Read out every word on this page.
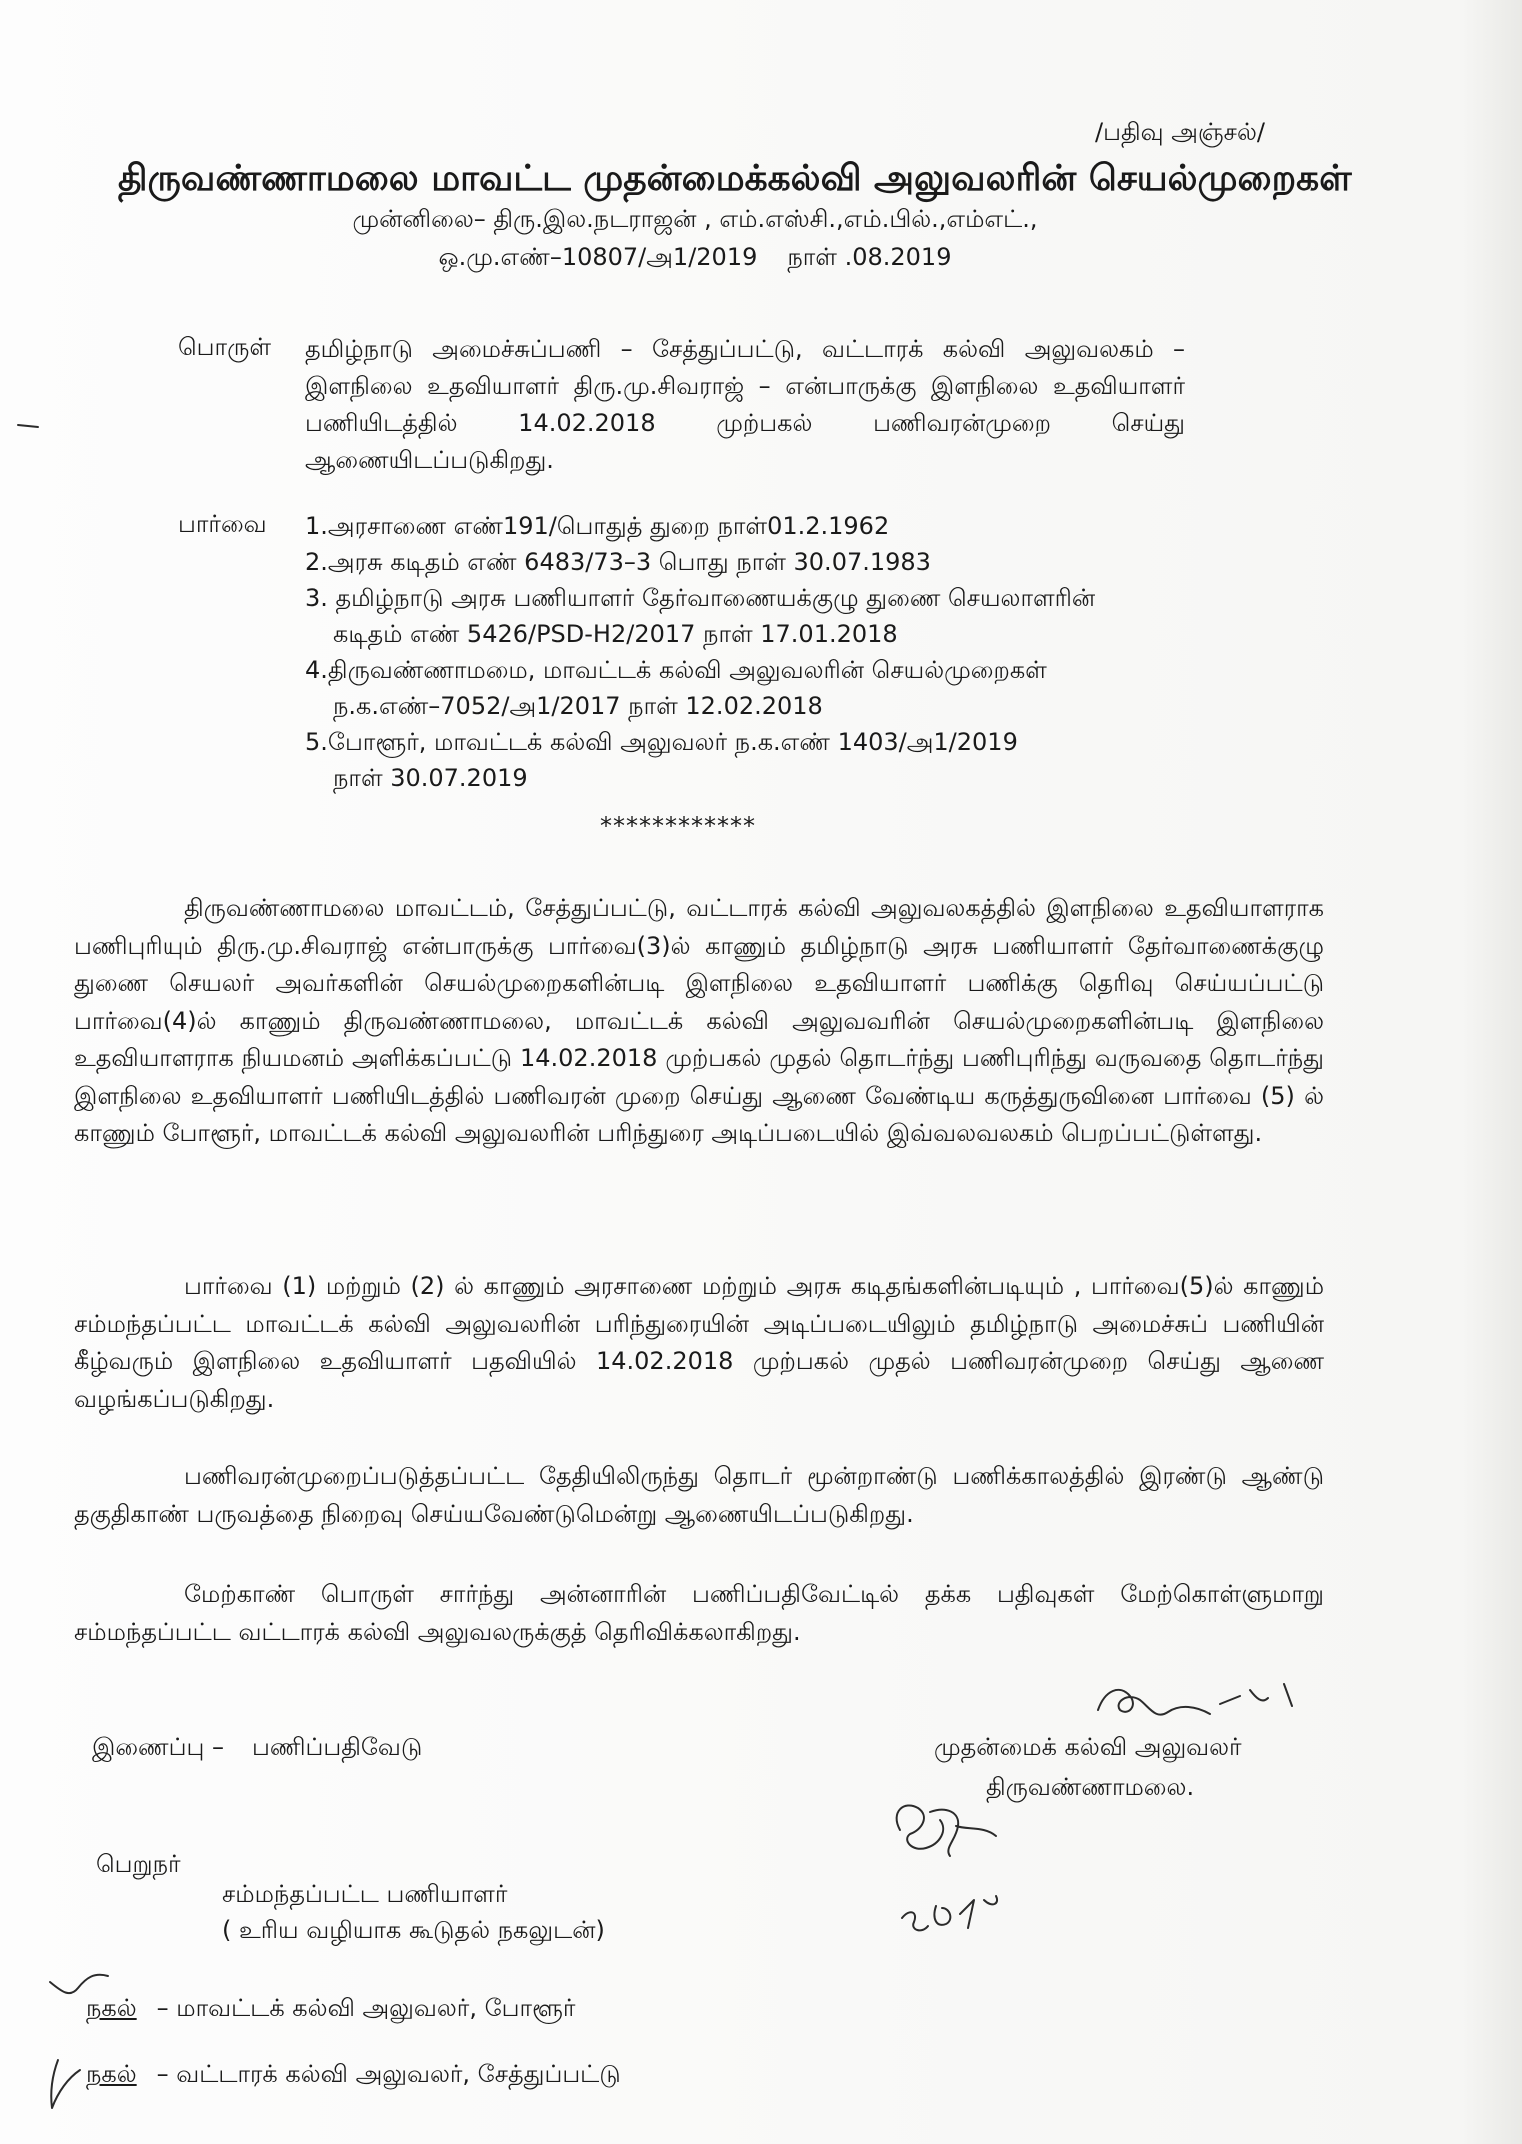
/பதிவு அஞ்சல்/
திருவண்ணாமலை மாவட்ட முதன்மைக்கல்வி அலுவலரின் செயல்முறைகள்
முன்னிலை– திரு.இல.நடராஜன் , எம்.எஸ்சி.,எம்.பில்.,எம்எட்.,
ஒ.மு.எண்–10807/அ1/2019 நாள் .08.2019
பொருள் தமிழ்நாடு அமைச்சுப்பணி – சேத்துப்பட்டு, வட்டாரக் கல்வி அலுவலகம் – இளநிலை உதவியாளர் திரு.மு.சிவராஜ் – என்பாருக்கு இளநிலை உதவியாளர் பணியிடத்தில் 14.02.2018 முற்பகல் பணிவரன்முறை செய்து ஆணையிடப்படுகிறது.
பார்வை 1.அரசாணை எண்191/பொதுத் துறை நாள்01.2.1962
2.அரசு கடிதம் எண் 6483/73–3 பொது நாள் 30.07.1983
3. தமிழ்நாடு அரசு பணியாளர் தேர்வாணையக்குழு துணை செயலாளரின்
கடிதம் எண் 5426/PSD-H2/2017 நாள் 17.01.2018
4.திருவண்ணாமமை, மாவட்டக் கல்வி அலுவலரின் செயல்முறைகள்
ந.க.எண்–7052/அ1/2017 நாள் 12.02.2018
5.போளூர், மாவட்டக் கல்வி அலுவலர் ந.க.எண் 1403/அ1/2019
நாள் 30.07.2019
************
திருவண்ணாமலை மாவட்டம், சேத்துப்பட்டு, வட்டாரக் கல்வி அலுவலகத்தில் இளநிலை உதவியாளராக பணிபுரியும் திரு.மு.சிவராஜ் என்பாருக்கு பார்வை(3)ல் காணும் தமிழ்நாடு அரசு பணியாளர் தேர்வாணைக்குழு துணை செயலர் அவர்களின் செயல்முறைகளின்படி இளநிலை உதவியாளர் பணிக்கு தெரிவு செய்யப்பட்டு பார்வை(4)ல் காணும் திருவண்ணாமலை, மாவட்டக் கல்வி அலுவவரின் செயல்முறைகளின்படி இளநிலை உதவியாளராக நியமனம் அளிக்கப்பட்டு 14.02.2018 முற்பகல் முதல் தொடர்ந்து பணிபுரிந்து வருவதை தொடர்ந்து இளநிலை உதவியாளர் பணியிடத்தில் பணிவரன் முறை செய்து ஆணை வேண்டிய கருத்துருவினை பார்வை (5) ல் காணும் போளூர், மாவட்டக் கல்வி அலுவலரின் பரிந்துரை அடிப்படையில் இவ்வலவலகம் பெறப்பட்டுள்ளது.
பார்வை (1) மற்றும் (2) ல் காணும் அரசாணை மற்றும் அரசு கடிதங்களின்படியும் , பார்வை(5)ல் காணும் சம்மந்தப்பட்ட மாவட்டக் கல்வி அலுவலரின் பரிந்துரையின் அடிப்படையிலும் தமிழ்நாடு அமைச்சுப் பணியின் கீழ்வரும் இளநிலை உதவியாளர் பதவியில் 14.02.2018 முற்பகல் முதல் பணிவரன்முறை செய்து ஆணை வழங்கப்படுகிறது.
பணிவரன்முறைப்படுத்தப்பட்ட தேதியிலிருந்து தொடர் மூன்றாண்டு பணிக்காலத்தில் இரண்டு ஆண்டு தகுதிகாண் பருவத்தை நிறைவு செய்யவேண்டுமென்று ஆணையிடப்படுகிறது.
மேற்காண் பொருள் சார்ந்து அன்னாரின் பணிப்பதிவேட்டில் தக்க பதிவுகள் மேற்கொள்ளுமாறு சம்மந்தப்பட்ட வட்டாரக் கல்வி அலுவலருக்குத் தெரிவிக்கலாகிறது.
இணைப்பு – பணிப்பதிவேடு	முதன்மைக் கல்வி அலுவலர்
திருவண்ணாமலை.
பெறுநர்
சம்மந்தப்பட்ட பணியாளர்
( உரிய வழியாக கூடுதல் நகலுடன்)
நகல் – மாவட்டக் கல்வி அலுவலர், போளூர்
நகல் – வட்டாரக் கல்வி அலுவலர், சேத்துப்பட்டு
